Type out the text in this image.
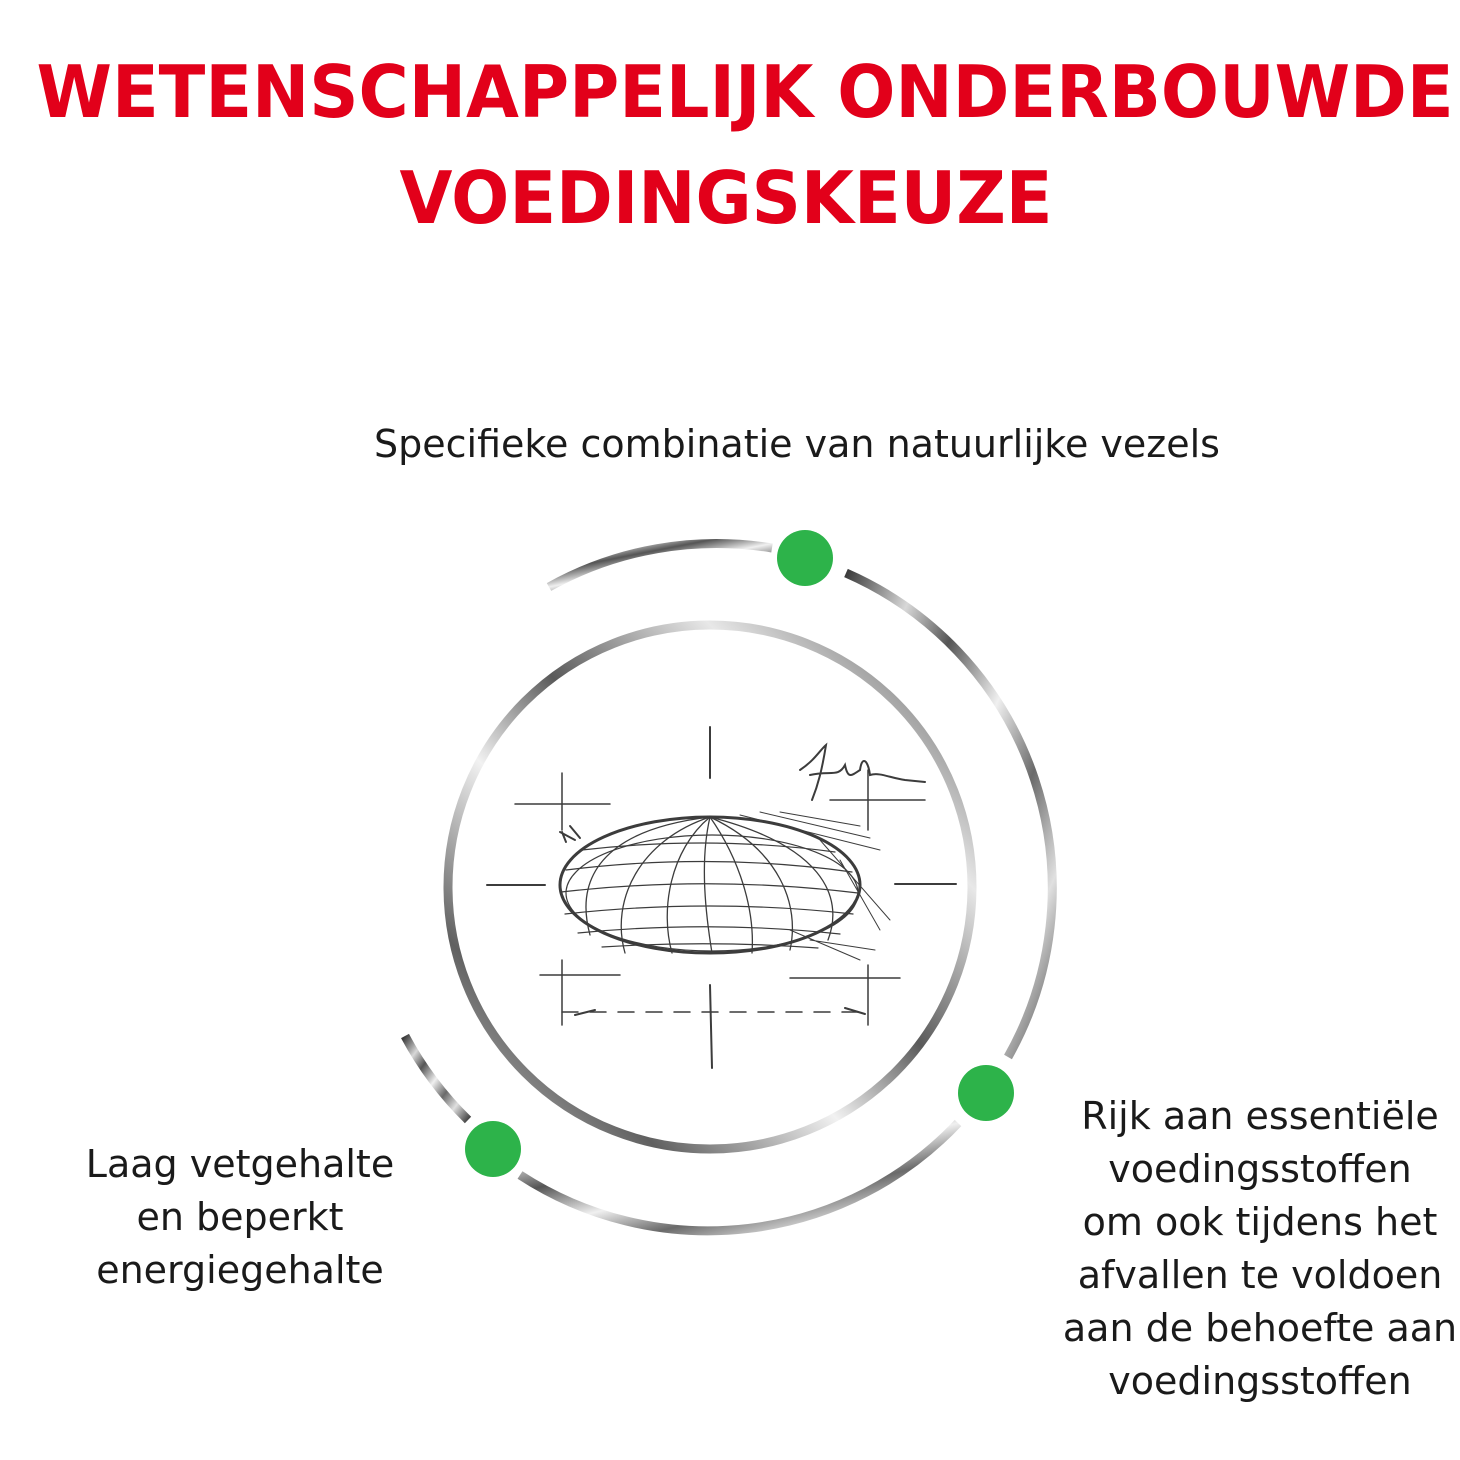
WETENSCHAPPELIJK ONDERBOUWDE
VOEDINGSKEUZE
Specifieke combinatie van natuurlijke vezels
Laag vetgehalte
en beperkt
energiegehalte
Rijk aan essentiële
voedingsstoffen
om ook tijdens het
afvallen te voldoen
aan de behoefte aan
voedingsstoffen
